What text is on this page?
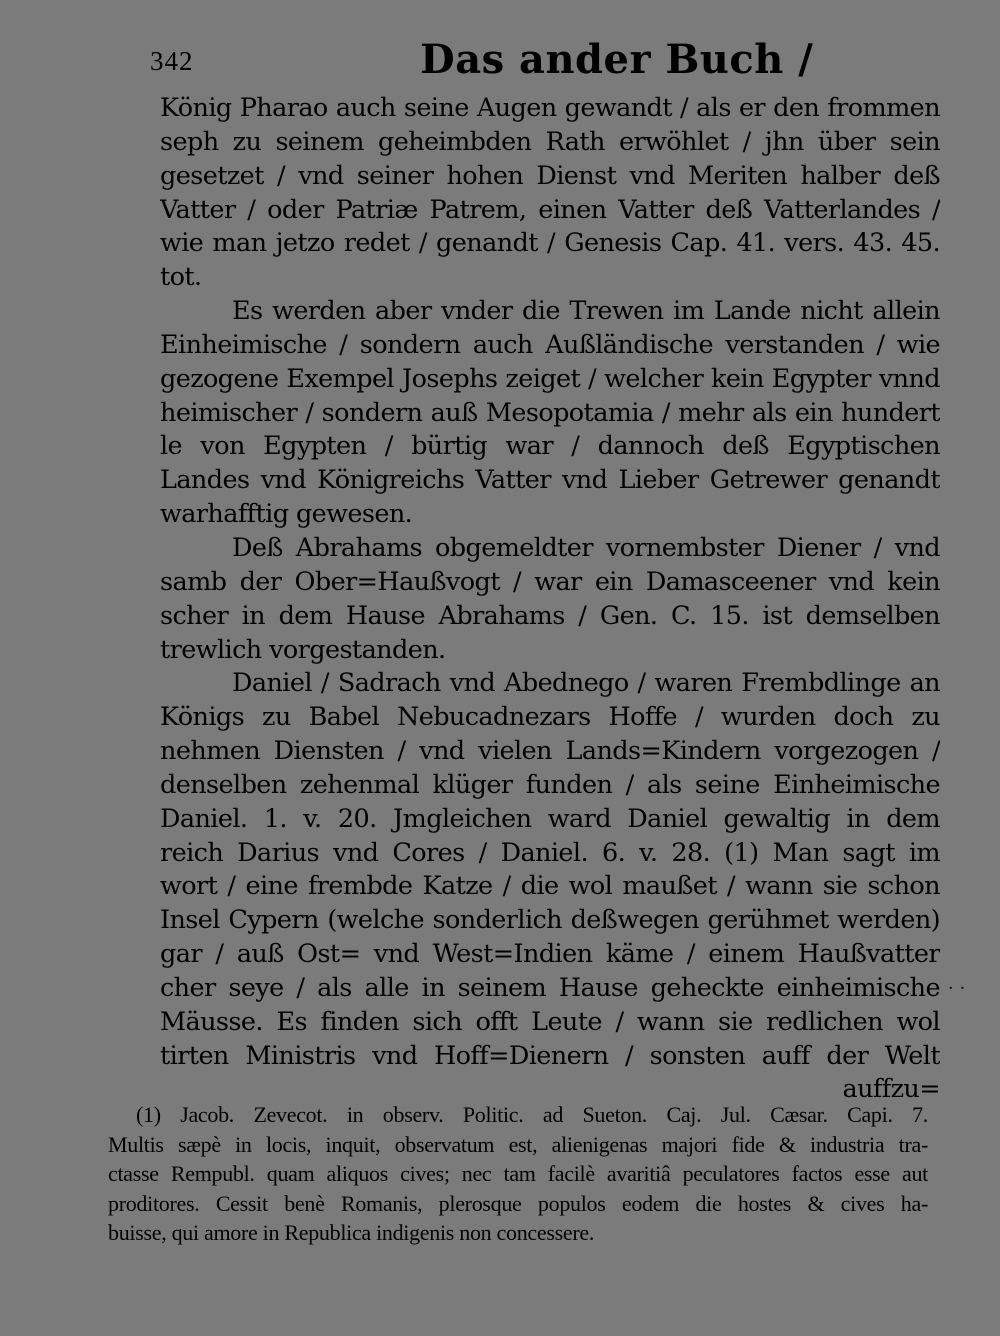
342	Das ander Buch /
König Pharao auch seine Augen gewandt / als er den frommen
seph zu seinem geheimbden Rath erwöhlet / jhn über sein
gesetzet / vnd seiner hohen Dienst vnd Meriten halber deß
Vatter / oder Patriæ Patrem, einen Vatter deß Vatterlandes /
wie man jetzo redet / genandt / Genesis Cap. 41. vers. 43. 45.
tot.
Es werden aber vnder die Trewen im Lande nicht allein
Einheimische / sondern auch Außländische verstanden / wie
gezogene Exempel Josephs zeiget / welcher kein Egypter vnnd
heimischer / sondern auß Mesopotamia / mehr als ein hundert
le von Egypten / bürtig war / dannoch deß Egyptischen
Landes vnd Königreichs Vatter vnd Lieber Getrewer genandt
warhafftig gewesen.
Deß Abrahams obgemeldter vornembster Diener / vnd
samb der Ober=Haußvogt / war ein Damasceener vnd kein
scher in dem Hause Abrahams / Gen. C. 15. ist demselben
trewlich vorgestanden.
Daniel / Sadrach vnd Abednego / waren Frembdlinge an
Königs zu Babel Nebucadnezars Hoffe / wurden doch zu
nehmen Diensten / vnd vielen Lands=Kindern vorgezogen /
denselben zehenmal klüger funden / als seine Einheimische
Daniel. 1. v. 20. Jmgleichen ward Daniel gewaltig in dem
reich Darius vnd Cores / Daniel. 6. v. 28. (1) Man sagt im
wort / eine frembde Katze / die wol maußet / wann sie schon
Insel Cypern (welche sonderlich deßwegen gerühmet werden)
gar / auß Ost= vnd West=Indien käme / einem Haußvatter
cher seye / als alle in seinem Hause geheckte einheimische
Mäusse. Es finden sich offt Leute / wann sie redlichen wol
tirten Ministris vnd Hoff=Dienern / sonsten auff der Welt
auffzu=
(1) Jacob. Zevecot. in observ. Politic. ad Sueton. Caj. Jul. Cæsar. Capi. 7.
Multis sæpè in locis, inquit, observatum est, alienigenas majori fide & industria tra-
ctasse Rempubl. quam aliquos cives; nec tam facilè avaritiâ peculatores factos esse aut
proditores. Cessit benè Romanis, plerosque populos eodem die hostes & cives ha-
buisse, qui amore in Republica indigenis non concessere.
· ·
